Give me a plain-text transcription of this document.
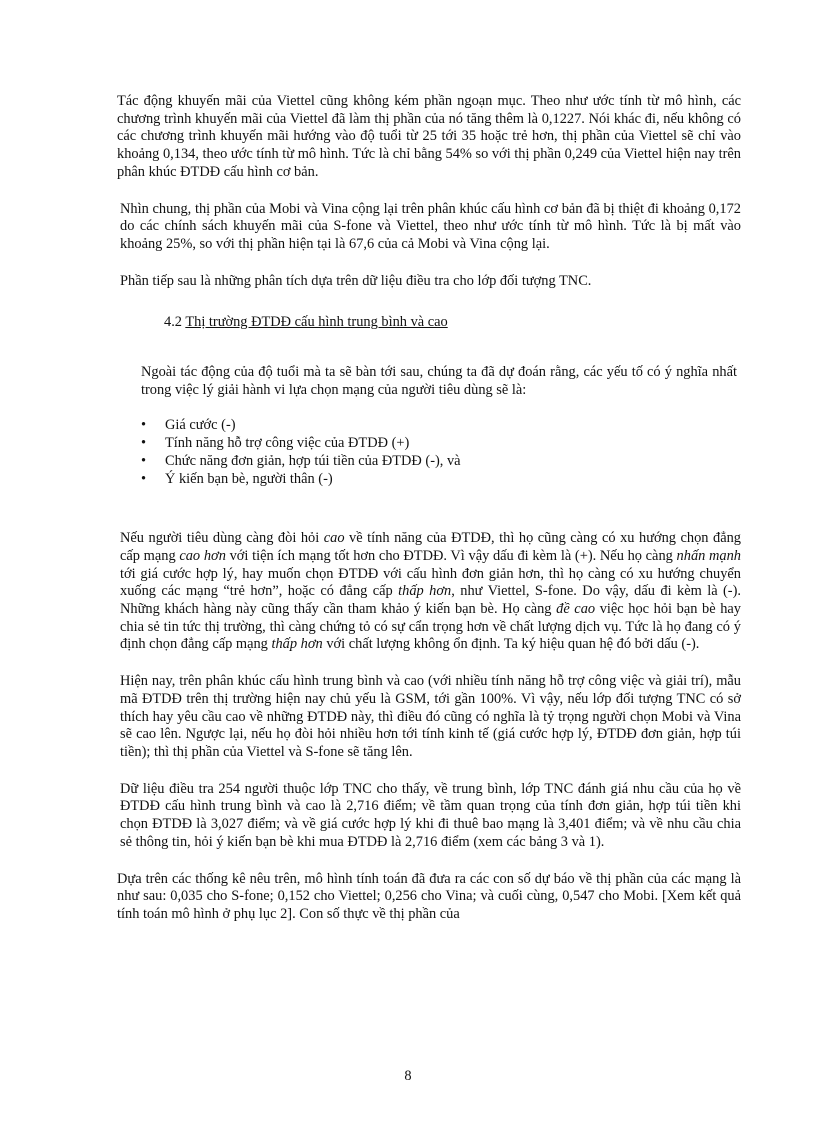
Tác động khuyến mãi của Viettel cũng không kém phần ngoạn mục. Theo như ước tính từ mô hình, các chương trình khuyến mãi của Viettel đã làm thị phần của nó tăng thêm là 0,1227. Nói khác đi, nếu không có các chương trình khuyến mãi hướng vào độ tuổi từ 25 tới 35 hoặc trẻ hơn, thị phần của Viettel sẽ chỉ vào khoảng 0,134, theo ước tính từ mô hình. Tức là chỉ bằng 54% so với thị phần 0,249 của Viettel hiện nay trên phân khúc ĐTDĐ cấu hình cơ bản.

Nhìn chung, thị phần của Mobi và Vina cộng lại trên phân khúc cấu hình cơ bản đã bị thiệt đi khoảng 0,172 do các chính sách khuyến mãi của S-fone và Viettel, theo như ước tính từ mô hình. Tức là bị mất vào khoảng 25%, so với thị phần hiện tại là 67,6 của cả Mobi và Vina cộng lại.

Phần tiếp sau là những phân tích dựa trên dữ liệu điều tra cho lớp đối tượng TNC.

4.2 Thị trường ĐTDĐ cấu hình trung bình và cao

Ngoài tác động của độ tuổi mà ta sẽ bàn tới sau, chúng ta đã dự đoán rằng, các yếu tố có ý nghĩa nhất trong việc lý giải hành vi lựa chọn mạng của người tiêu dùng sẽ là:

• Giá cước (-)
• Tính năng hỗ trợ công việc của ĐTDĐ (+)
• Chức năng đơn giản, hợp túi tiền của ĐTDĐ (-), và
• Ý kiến bạn bè, người thân (-)

Nếu người tiêu dùng càng đòi hỏi cao về tính năng của ĐTDĐ, thì họ cũng càng có xu hướng chọn đẳng cấp mạng cao hơn với tiện ích mạng tốt hơn cho ĐTDĐ. Vì vậy dấu đi kèm là (+). Nếu họ càng nhấn mạnh tới giá cước hợp lý, hay muốn chọn ĐTDĐ với cấu hình đơn giản hơn, thì họ càng có xu hướng chuyển xuống các mạng “trẻ hơn”, hoặc có đẳng cấp thấp hơn, như Viettel, S-fone. Do vậy, dấu đi kèm là (-). Những khách hàng này cũng thấy cần tham khảo ý kiến bạn bè. Họ càng đề cao việc học hỏi bạn bè hay chia sẻ tin tức thị trường, thì càng chứng tỏ có sự cẩn trọng hơn về chất lượng dịch vụ. Tức là họ đang có ý định chọn đẳng cấp mạng thấp hơn với chất lượng không ổn định. Ta ký hiệu quan hệ đó bởi dấu (-).

Hiện nay, trên phân khúc cấu hình trung bình và cao (với nhiều tính năng hỗ trợ công việc và giải trí), mẫu mã ĐTDĐ trên thị trường hiện nay chủ yếu là GSM, tới gần 100%. Vì vậy, nếu lớp đối tượng TNC có sở thích hay yêu cầu cao về những ĐTDĐ này, thì điều đó cũng có nghĩa là tỷ trọng người chọn Mobi và Vina sẽ cao lên. Ngược lại, nếu họ đòi hỏi nhiều hơn tới tính kinh tế (giá cước hợp lý, ĐTDĐ đơn giản, hợp túi tiền); thì thị phần của Viettel và S-fone sẽ tăng lên.

Dữ liệu điều tra 254 người thuộc lớp TNC cho thấy, về trung bình, lớp TNC đánh giá nhu cầu của họ về ĐTDĐ cấu hình trung bình và cao là 2,716 điểm; về tầm quan trọng của tính đơn giản, hợp túi tiền khi chọn ĐTDĐ là 3,027 điểm; và về giá cước hợp lý khi đi thuê bao mạng là 3,401 điểm; và về nhu cầu chia sẻ thông tin, hỏi ý kiến bạn bè khi mua ĐTDĐ là 2,716 điểm (xem các bảng 3 và 1).

Dựa trên các thống kê nêu trên, mô hình tính toán đã đưa ra các con số dự báo về thị phần của các mạng là như sau: 0,035 cho S-fone; 0,152 cho Viettel; 0,256 cho Vina; và cuối cùng, 0,547 cho Mobi. [Xem kết quả tính toán mô hình ở phụ lục 2]. Con số thực về thị phần của

8
